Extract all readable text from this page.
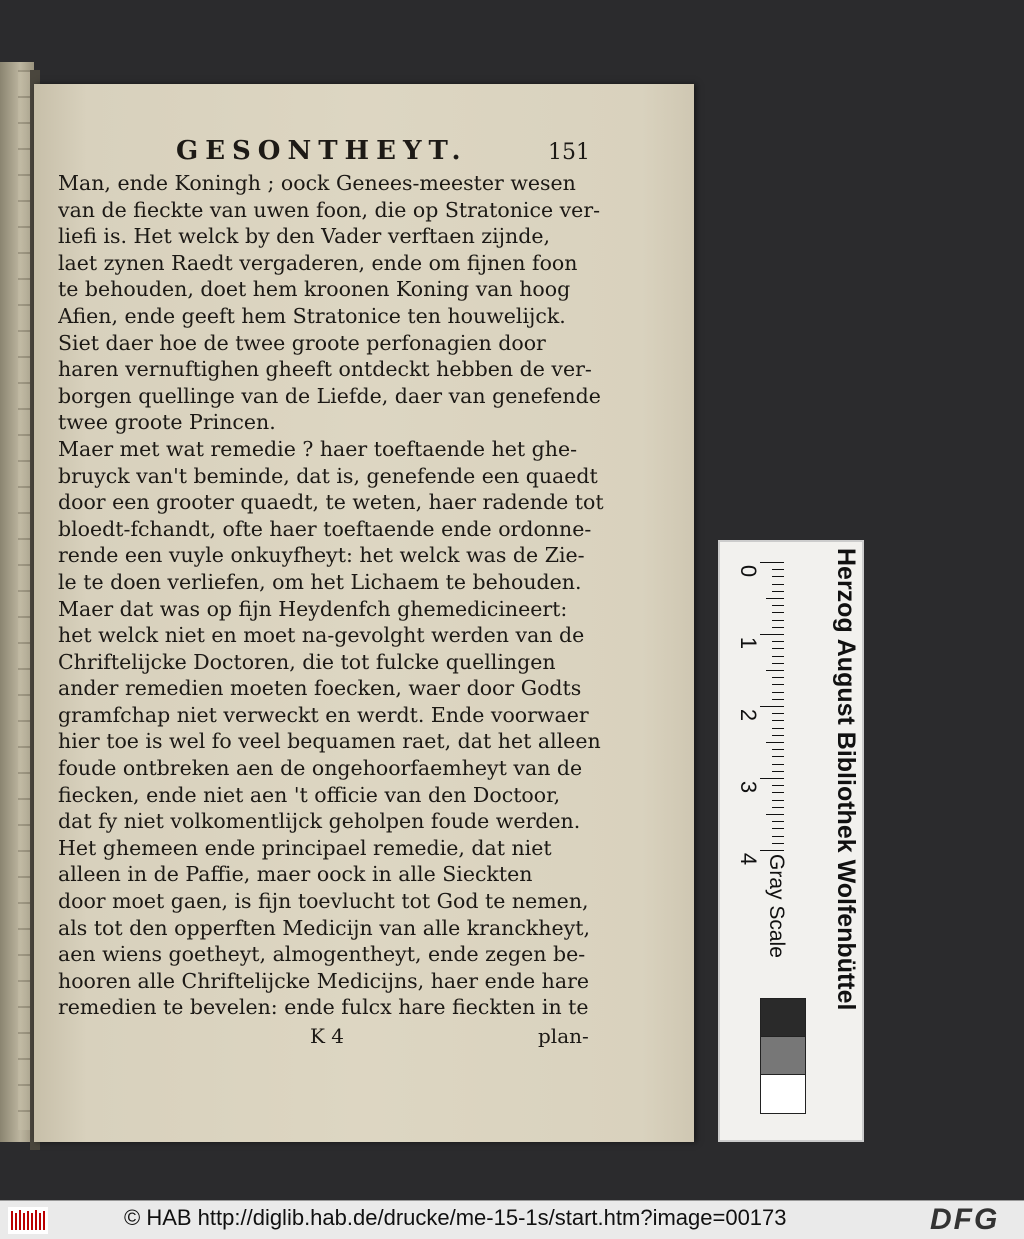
GESONTHEYT.	151
Man, ende Koningh ; oock Genees-meester wesen
van de fieckte van uwen foon, die op Stratonice ver-
liefi is. Het welck by den Vader verftaen zijnde,
laet zynen Raedt vergaderen, ende om fijnen foon
te behouden, doet hem kroonen Koning van hoog
Afien, ende geeft hem Stratonice ten houwelijck.
Siet daer hoe de twee groote perfonagien door
haren vernuftighen gheeft ontdeckt hebben de ver-
borgen quellinge van de Liefde, daer van genefende
twee groote Princen.
Maer met wat remedie ? haer toeftaende het ghe-
bruyck van't beminde, dat is, genefende een quaedt
door een grooter quaedt, te weten, haer radende tot
bloedt-fchandt, ofte haer toeftaende ende ordonne-
rende een vuyle onkuyfheyt: het welck was de Zie-
le te doen verliefen, om het Lichaem te behouden.
Maer dat was op fijn Heydenfch ghemedicineert:
het welck niet en moet na-gevolght werden van de
Chriftelijcke Doctoren, die tot fulcke quellingen
ander remedien moeten foecken, waer door Godts
gramfchap niet verweckt en werdt. Ende voorwaer
hier toe is wel fo veel bequamen raet, dat het alleen
foude ontbreken aen de ongehoorfaemheyt van de
fiecken, ende niet aen 't officie van den Doctoor,
dat fy niet volkomentlijck geholpen foude werden.
Het ghemeen ende principael remedie, dat niet
alleen in de Paffie, maer oock in alle Sieckten
door moet gaen, is fijn toevlucht tot God te nemen,
als tot den opperften Medicijn van alle kranckheyt,
aen wiens goetheyt, almogentheyt, ende zegen be-
hooren alle Chriftelijcke Medicijns, haer ende hare
remedien te bevelen: ende fulcx hare fieckten in te
K 4	plan-
0
1
2
3
4 Gray Scale	Herzog August Bibliothek Wolfenbüttel
© HAB http://diglib.hab.de/drucke/me-15-1s/start.htm?image=00173	DFG
